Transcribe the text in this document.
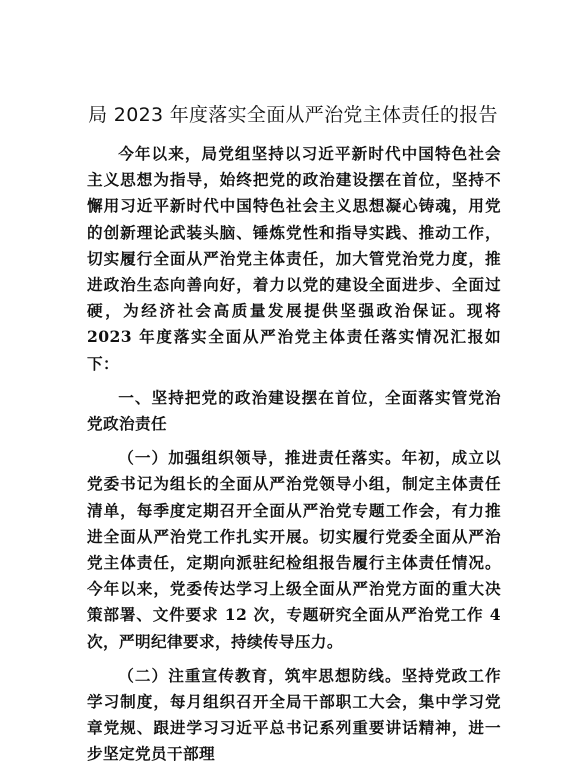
局 2023 年度落实全面从严治党主体责任的报告

今年以来，局党组坚持以习近平新时代中国特色社会主义思想为指导，始终把党的政治建设摆在首位，坚持不懈用习近平新时代中国特色社会主义思想凝心铸魂，用党的创新理论武装头脑、锤炼党性和指导实践、推动工作，切实履行全面从严治党主体责任，加大管党治党力度，推进政治生态向善向好，着力以党的建设全面进步、全面过硬，为经济社会高质量发展提供坚强政治保证。现将 2023 年度落实全面从严治党主体责任落实情况汇报如下：

一、坚持把党的政治建设摆在首位，全面落实管党治党政治责任

（一）加强组织领导，推进责任落实。年初，成立以党委书记为组长的全面从严治党领导小组，制定主体责任清单，每季度定期召开全面从严治党专题工作会，有力推进全面从严治党工作扎实开展。切实履行党委全面从严治党主体责任，定期向派驻纪检组报告履行主体责任情况。今年以来，党委传达学习上级全面从严治党方面的重大决策部署、文件要求 12 次，专题研究全面从严治党工作 4 次，严明纪律要求，持续传导压力。

（二）注重宣传教育，筑牢思想防线。坚持党政工作学习制度，每月组织召开全局干部职工大会，集中学习党章党规、跟进学习习近平总书记系列重要讲话精神，进一步坚定党员干部理
